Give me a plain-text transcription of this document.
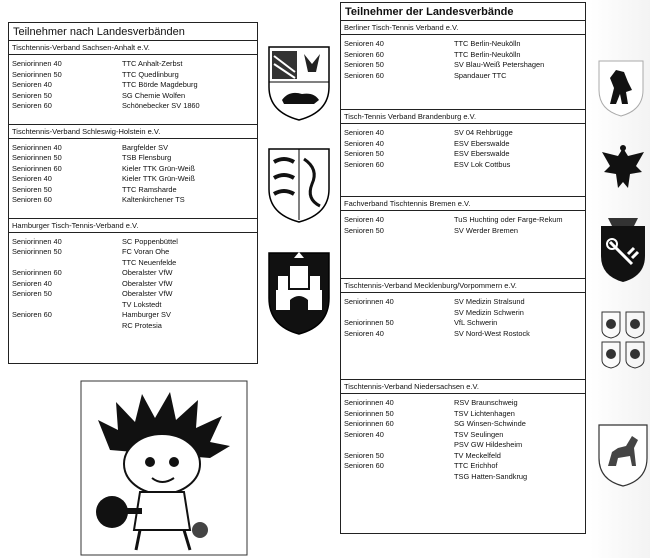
Teilnehmer nach Landesverbänden
Tischtennis-Verband Sachsen-Anhalt e.V.
Seniorinnen 40	TTC Anhalt-Zerbst
Seniorinnen 50	TTC Quedlinburg
Senioren 40	TTC Börde Magdeburg
Senioren 50	SG Chemie Wolfen
Senioren 60	Schönebecker SV 1860
Tischtennis-Verband Schleswig-Holstein e.V.
Seniorinnen 40	Bargfelder SV
Seniorinnen 50	TSB Flensburg
Seniorinnen 60	Kieler TTK Grün-Weiß
Senioren 40	Kieler TTK Grün-Weiß
Senioren 50	TTC Ramsharde
Senioren 60	Kaltenkirchener TS
Hamburger Tisch-Tennis-Verband e.V.
Seniorinnen 40	SC Poppenbüttel
Seniorinnen 50	FC Voran Ohe
TTC Neuenfelde
Seniorinnen 60	Oberalster VfW
Senioren 40	Oberalster VfW
Senioren 50	Oberalster VfW
TV Lokstedt
Senioren 60	Hamburger SV
RC Protesia
Teilnehmer der Landesverbände
Berliner Tisch-Tennis Verband e.V.
Senioren 40	TTC Berlin-Neukölln
Senioren 60	TTC Berlin-Neukölln
Senioren 50	SV Blau-Weiß Petershagen
Senioren 60	Spandauer TTC
Tisch-Tennis Verband Brandenburg e.V.
Senioren 40	SV 04 Rehbrügge
Senioren 40	ESV Eberswalde
Senioren 50	ESV Eberswalde
Senioren 60	ESV Lok Cottbus
Fachverband Tischtennis Bremen e.V.
Senioren 40	TuS Huchting oder Farge-Rekum
Senioren 50	SV Werder Bremen
Tischtennis-Verband Mecklenburg/Vorpommern e.V.
Seniorinnen 40	SV Medizin Stralsund
SV Medizin Schwerin
Seniorinnen 50	VfL Schwerin
Senioren 40	SV Nord-West Rostock
Tischtennis-Verband Niedersachsen e.V.
Seniorinnen 40	RSV Braunschweig
Seniorinnen 50	TSV Lichtenhagen
Seniorinnen 60	SG Winsen-Schwinde
Senioren 40	TSV Seulingen
PSV GW Hildesheim
Senioren 50	TV Meckelfeld
Senioren 60	TTC Erichhof
TSG Hatten-Sandkrug
